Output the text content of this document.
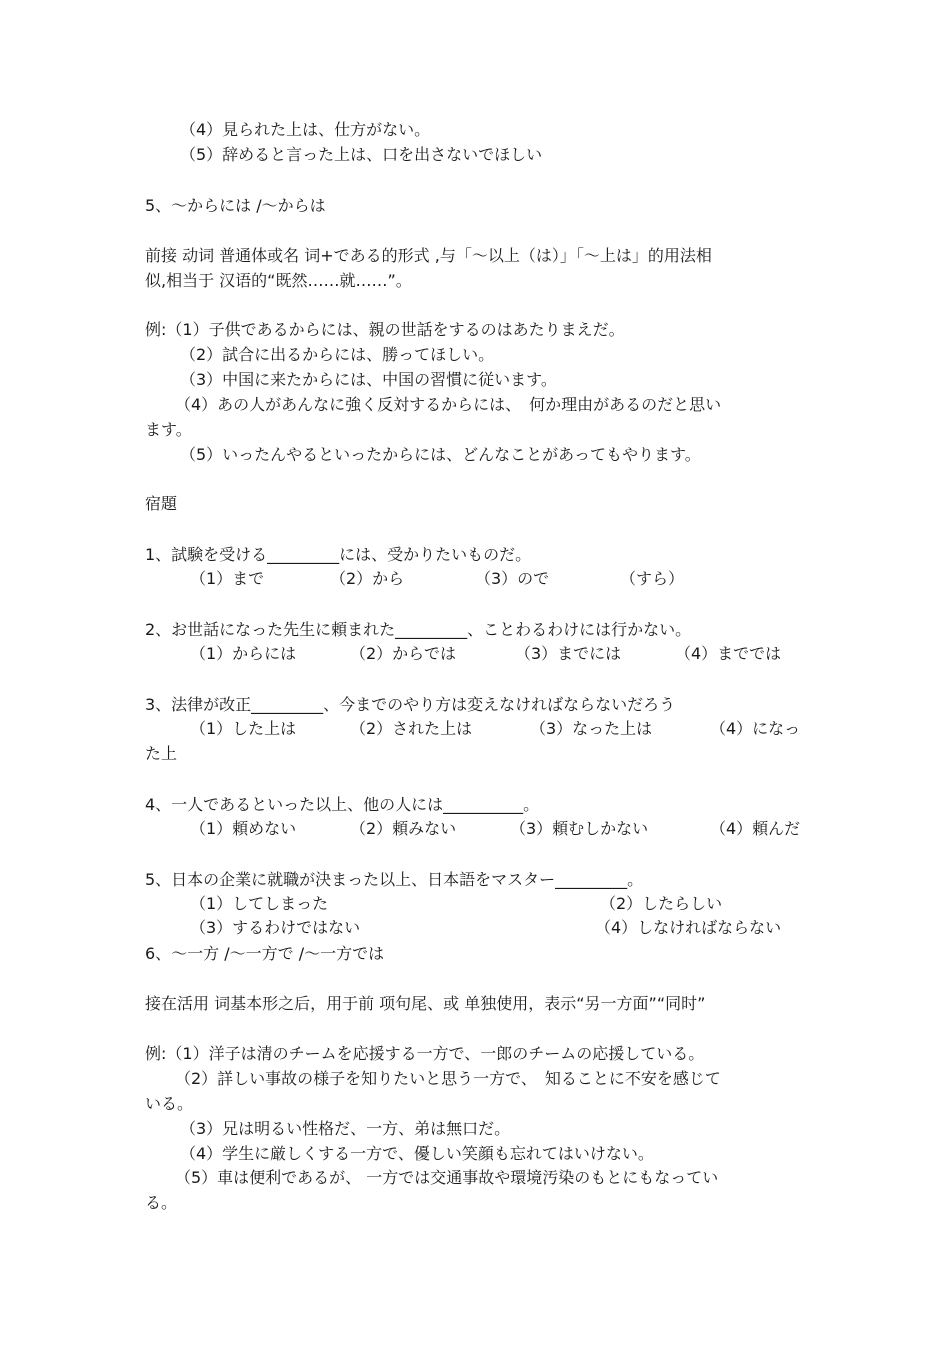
（4）見られた上は、仕方がない。
（5）辞めると言った上は、口を出さないでほしい
5、～からには /～からは
前接 动词 普通体或名 词+である的形式 ,与「～以上（は）」「～上は」的用法相
似,相当于 汉语的“既然……就……”。
例:（1）子供であるからには、親の世話をするのはあたりまえだ。
（2）試合に出るからには、勝ってほしい。
（3）中国に来たからには、中国の習慣に従います。
（4）あの人があんなに強く反対するからには、　何か理由があるのだと思い
ます。
（5）いったんやるといったからには、どんなことがあってもやります。
宿題
1、試験を受ける_________には、受かりたいものだ。
（1）まで	（2）から	（3）ので	（すら）
2、お世話になった先生に頼まれた_________、ことわるわけには行かない。
（1）からには	（2）からでは	（3）までには	（4）まででは
3、法律が改正_________、今までのやり方は変えなければならないだろう
（1）した上は	（2）された上は	（3）なった上は	（4）になっ
た上
4、一人であるといった以上、他の人には__________。
（1）頼めない	（2）頼みない	（3）頼むしかない	（4）頼んだ
5、日本の企業に就職が決まった以上、日本語をマスター_________。
（1）してしまった	（2）したらしい
（3）するわけではない	（4）しなければならない
6、～一方 /～一方で /～一方では
接在活用 词基本形之后，用于前 项句尾、或 单独使用，表示“另一方面”“同时”
例:（1）洋子は清のチームを応援する一方で、一郎のチームの応援している。
（2）詳しい事故の様子を知りたいと思う一方で、　知ることに不安を感じて
いる。
（3）兄は明るい性格だ、一方、弟は無口だ。
（4）学生に厳しくする一方で、優しい笑顔も忘れてはいけない。
（5）車は便利であるが、 一方では交通事故や環境汚染のもとにもなってい
る。
